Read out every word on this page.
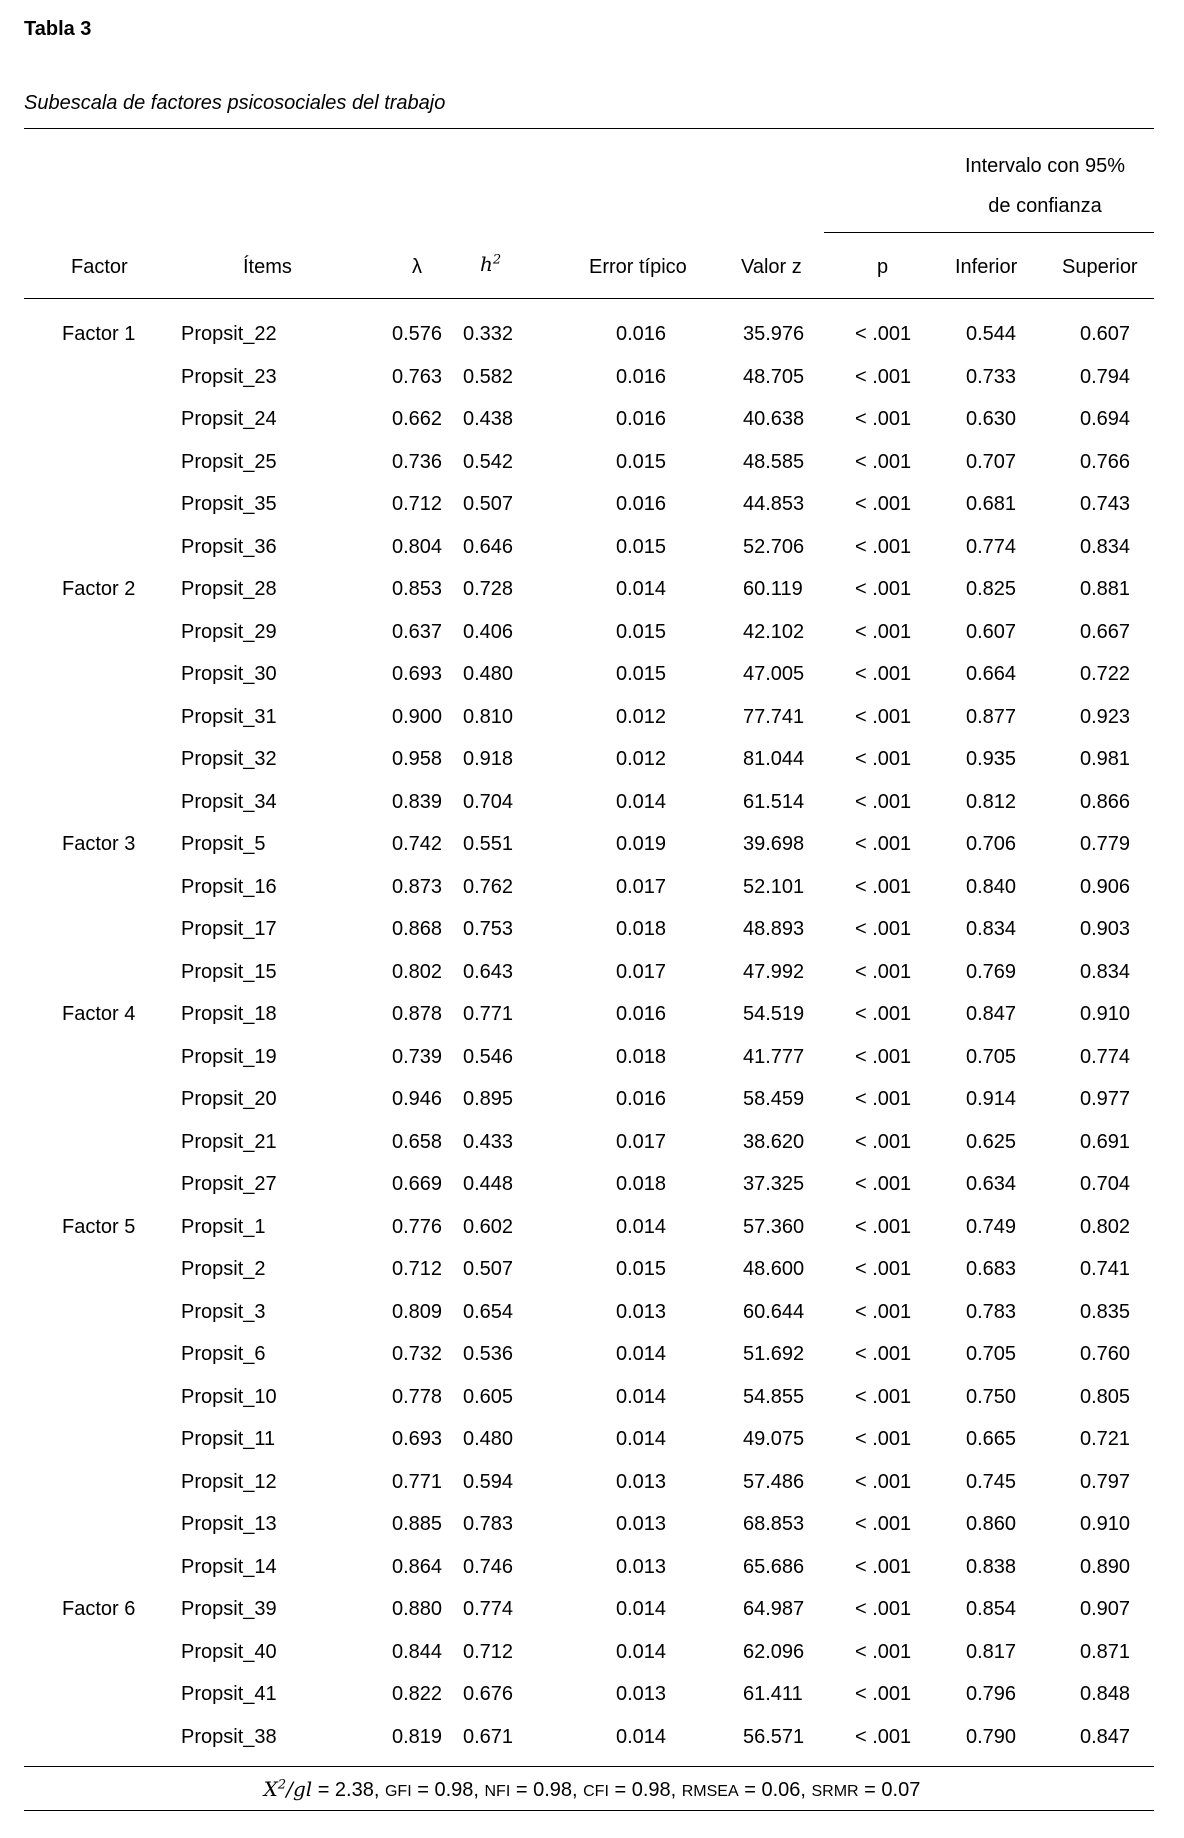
Tabla 3
Subescala de factores psicosociales del trabajo
Intervalo con 95%
de confianza
Factor	Ítems	λ	$h^2$	Error típico	Valor z	p	Inferior Superior
Factor 1 Propsit_22	0.576 0.332	0.016	35.976	< .001	0.544	0.607
Propsit_23	0.763 0.582	0.016	48.705	< .001	0.733	0.794
Propsit_24	0.662 0.438	0.016	40.638	< .001	0.630	0.694
Propsit_25	0.736 0.542	0.015	48.585	< .001	0.707	0.766
Propsit_35	0.712 0.507	0.016	44.853	< .001	0.681	0.743
Propsit_36	0.804 0.646	0.015	52.706	< .001	0.774	0.834
Factor 2 Propsit_28	0.853 0.728	0.014	60.119	< .001	0.825	0.881
Propsit_29	0.637 0.406	0.015	42.102	< .001	0.607	0.667
Propsit_30	0.693 0.480	0.015	47.005	< .001	0.664	0.722
Propsit_31	0.900 0.810	0.012	77.741	< .001	0.877	0.923
Propsit_32	0.958 0.918	0.012	81.044	< .001	0.935	0.981
Propsit_34	0.839 0.704	0.014	61.514	< .001	0.812	0.866
Factor 3 Propsit_5	0.742 0.551	0.019	39.698	< .001	0.706	0.779
Propsit_16	0.873 0.762	0.017	52.101	< .001	0.840	0.906
Propsit_17	0.868 0.753	0.018	48.893	< .001	0.834	0.903
Propsit_15	0.802 0.643	0.017	47.992	< .001	0.769	0.834
Factor 4 Propsit_18	0.878 0.771	0.016	54.519	< .001	0.847	0.910
Propsit_19	0.739 0.546	0.018	41.777	< .001	0.705	0.774
Propsit_20	0.946 0.895	0.016	58.459	< .001	0.914	0.977
Propsit_21	0.658 0.433	0.017	38.620	< .001	0.625	0.691
Propsit_27	0.669 0.448	0.018	37.325	< .001	0.634	0.704
Factor 5 Propsit_1	0.776 0.602	0.014	57.360	< .001	0.749	0.802
Propsit_2	0.712 0.507	0.015	48.600	< .001	0.683	0.741
Propsit_3	0.809 0.654	0.013	60.644	< .001	0.783	0.835
Propsit_6	0.732 0.536	0.014	51.692	< .001	0.705	0.760
Propsit_10	0.778 0.605	0.014	54.855	< .001	0.750	0.805
Propsit_11	0.693 0.480	0.014	49.075	< .001	0.665	0.721
Propsit_12	0.771 0.594	0.013	57.486	< .001	0.745	0.797
Propsit_13	0.885 0.783	0.013	68.853	< .001	0.860	0.910
Propsit_14	0.864 0.746	0.013	65.686	< .001	0.838	0.890
Factor 6 Propsit_39	0.880 0.774	0.014	64.987	< .001	0.854	0.907
Propsit_40	0.844 0.712	0.014	62.096	< .001	0.817	0.871
Propsit_41	0.822 0.676	0.013	61.411	< .001	0.796	0.848
Propsit_38	0.819 0.671	0.014	56.571	< .001	0.790	0.847
$X^2/gl = 2.38$, GFI = 0.98, NFI = 0.98, CFI = 0.98, RMSEA = 0.06, SRMR = 0.07
